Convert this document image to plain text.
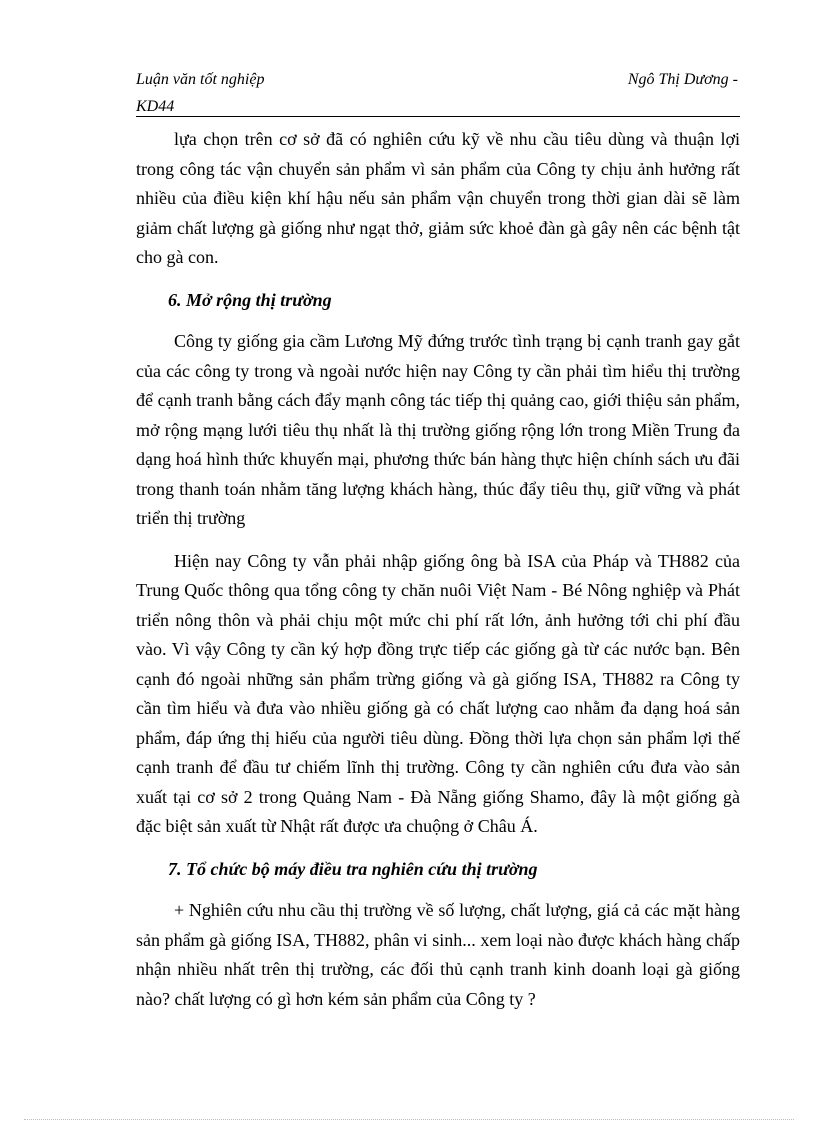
Luận văn tốt nghiệp	Ngô Thị Dương -
KD44

lựa chọn trên cơ sở đã có nghiên cứu kỹ về nhu cầu tiêu dùng và thuận lợi trong công tác vận chuyển sản phẩm vì sản phẩm của Công ty chịu ảnh hưởng rất nhiều của điều kiện khí hậu nếu sản phẩm vận chuyển trong thời gian dài sẽ làm giảm chất lượng gà giống như ngạt thở, giảm sức khoẻ đàn gà gây nên các bệnh tật cho gà con.

6. Mở rộng thị trường

Công ty giống gia cầm Lương Mỹ đứng trước tình trạng bị cạnh tranh gay gắt của các công ty trong và ngoài nước hiện nay Công ty cần phải tìm hiểu thị trường để cạnh tranh bằng cách đẩy mạnh công tác tiếp thị quảng cao, giới thiệu sản phẩm, mở rộng mạng lưới tiêu thụ nhất là thị trường giống rộng lớn trong Miền Trung đa dạng hoá hình thức khuyến mại, phương thức bán hàng thực hiện chính sách ưu đãi trong thanh toán nhằm tăng lượng khách hàng, thúc đẩy tiêu thụ, giữ vững và phát triển thị trường

Hiện nay Công ty vẫn phải nhập giống ông bà ISA của Pháp và TH882 của Trung Quốc thông qua tổng công ty chăn nuôi Việt Nam - Bé Nông nghiệp và Phát triển nông thôn và phải chịu một mức chi phí rất lớn, ảnh hưởng tới chi phí đầu vào. Vì vậy Công ty cần ký hợp đồng trực tiếp các giống gà từ các nước bạn. Bên cạnh đó ngoài những sản phẩm trừng giống và gà giống ISA, TH882 ra Công ty cần tìm hiểu và đưa vào nhiều giống gà có chất lượng cao nhằm đa dạng hoá sản phẩm, đáp ứng thị hiếu của người tiêu dùng. Đồng thời lựa chọn sản phẩm lợi thế cạnh tranh để đầu tư chiếm lĩnh thị trường. Công ty cần nghiên cứu đưa vào sản xuất tại cơ sở 2 trong Quảng Nam - Đà Nẵng giống Shamo, đây là một giống gà đặc biệt sản xuất từ Nhật rất được ưa chuộng ở Châu Á.

7. Tổ chức bộ máy điều tra nghiên cứu thị trường

+ Nghiên cứu nhu cầu thị trường về số lượng, chất lượng, giá cả các mặt hàng sản phẩm gà giống ISA, TH882, phân vi sinh... xem loại nào được khách hàng chấp nhận nhiều nhất trên thị trường, các đối thủ cạnh tranh kinh doanh loại gà giống nào? chất lượng có gì hơn kém sản phẩm của Công ty ?
